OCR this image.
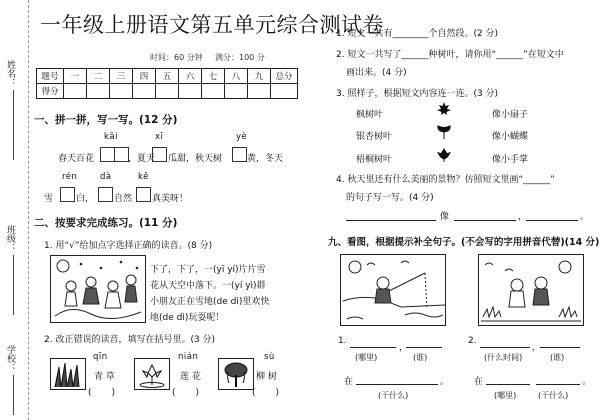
姓名：
班级：
学校：
一年级上册语文第五单元综合测试卷
时间：60 分钟 满分：100 分
题号	一	二	三	四	五	六	七	八	九	总分
得分										
一、拼一拼，写一写。(12 分)
kāi	xī	yè
春天百花	，夏天 瓜甜，秋天树	黄，冬天
rén	dà	kě
雪	白， 自然 真美呀！
二、按要求完成练习。(11 分)
1. 用“√”给加点字选择正确的读音。(8 分)
下了，下了，一(yī yí)片片雪
花从天空中落下。一(yí yì)群
小朋友正在雪地(de dì)里欢快
地(de dì)玩耍呢！
2. 改正错误的读音，填写在括号里。(3 分)
qīn
青 草
(       )
nián
莲 花
(       )
sù
柳 树
(       )
1. 短文一共有________个自然段。(2 分)
2. 短文一共写了______种树叶，请你用“______”在短文中
画出来。(4 分)
3. 照样子，根据短文内容连一连。(3 分)
枫树叶
银杏树叶
梧桐树叶
像小扇子
像小蝴蝶
像小手掌
4. 秋天里还有什么美丽的景物？仿照短文里画“______”
的句子写一写。(4 分)
像	，	。
九、看图，根据提示补全句子。(不会写的字用拼音代替)(14 分)
1.
，
(哪里)	(谁)
在	。
(干什么)
2.
，
(什么时间)	(谁)
在	。
(哪里)	(干什么)
